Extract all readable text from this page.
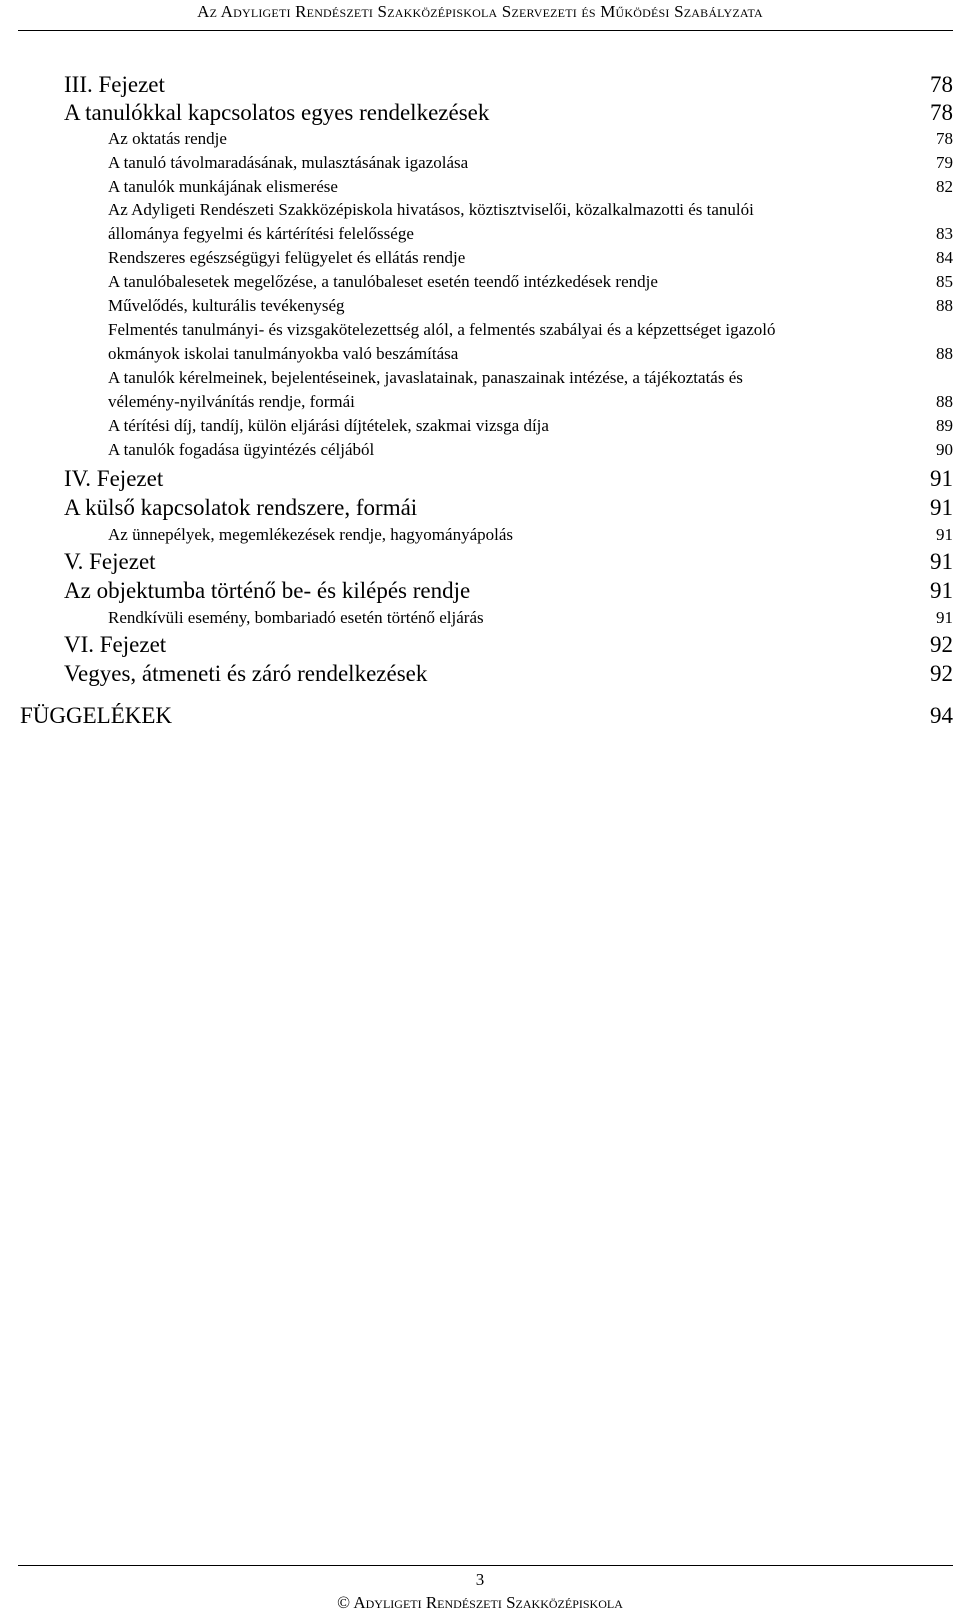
Az Adyligeti Rendészeti Szakközépiskola Szervezeti és Működési Szabályzata
III. Fejezet	78
A tanulókkal kapcsolatos egyes rendelkezések	78
Az oktatás rendje	78
A tanuló távolmaradásának, mulasztásának igazolása	79
A tanulók munkájának elismerése	82
Az Adyligeti Rendészeti Szakközépiskola hivatásos, köztisztviselői, közalkalmazotti és tanulói
állománya fegyelmi és kártérítési felelőssége	83
Rendszeres egészségügyi felügyelet és ellátás rendje	84
A tanulóbalesetek megelőzése, a tanulóbaleset esetén teendő intézkedések rendje	85
Művelődés, kulturális tevékenység	88
Felmentés tanulmányi- és vizsgakötelezettség alól, a felmentés szabályai és a képzettséget igazoló
okmányok iskolai tanulmányokba való beszámítása	88
A tanulók kérelmeinek, bejelentéseinek, javaslatainak, panaszainak intézése, a tájékoztatás és
vélemény-nyilvánítás rendje, formái	88
A térítési díj, tandíj, külön eljárási díjtételek, szakmai vizsga díja	89
A tanulók fogadása ügyintézés céljából	90
IV. Fejezet	91
A külső kapcsolatok rendszere, formái	91
Az ünnepélyek, megemlékezések rendje, hagyományápolás	91
V. Fejezet	91
Az objektumba történő be- és kilépés rendje	91
Rendkívüli esemény, bombariadó esetén történő eljárás	91
VI. Fejezet	92
Vegyes, átmeneti és záró rendelkezések	92
FÜGGELÉKEK	94
3
© Adyligeti Rendészeti Szakközépiskola
